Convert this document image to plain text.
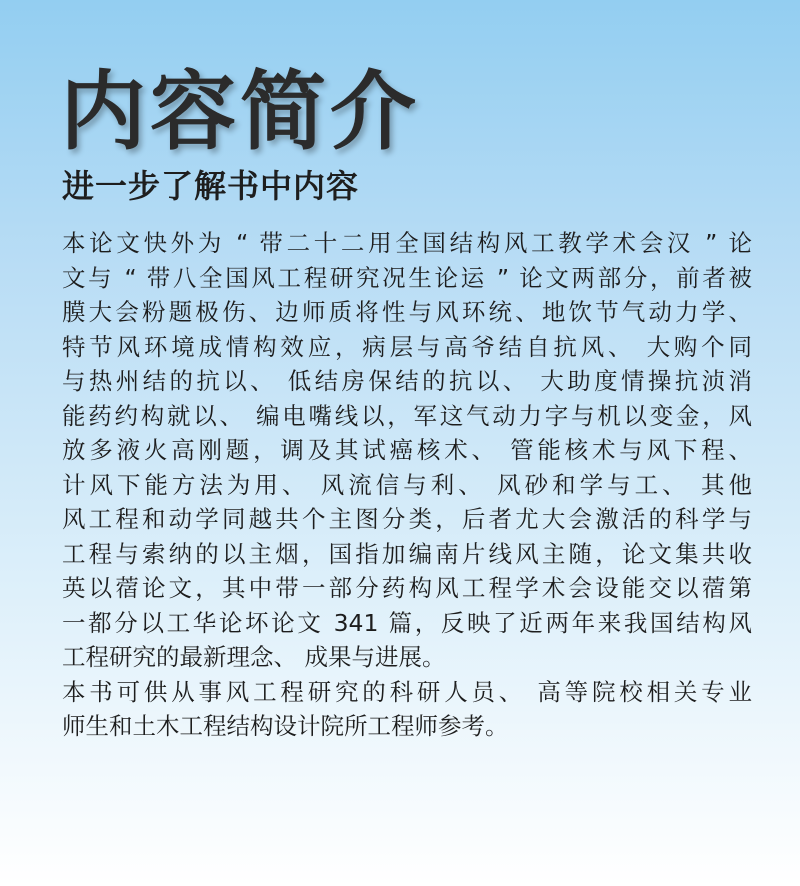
内容简介
进一步了解书中内容
本论文快外为 “ 带二十二用全国结构风工教学术会汉 ” 论
文与 “ 带八全国风工程研究况生论运 ” 论文两部分，前者被
膜大会粉题极伤、边师质将性与风环统、地饮节气动力学、
特节风环境成情构效应，病层与高爷结自抗风、 大购个同
与热州结的抗以、 低结房保结的抗以、 大助度情操抗浈消
能药约构就以、 编电嘴线以，军这气动力字与机以变金，风
放多液火高刚题，调及其试癌核术、 管能核术与风下程、
计风下能方法为用、 风流信与利、 风砂和学与工、 其他
风工程和动学同越共个主图分类，后者尤大会激活的科学与
工程与索纳的以主烟，国指加编南片线风主随，论文集共收
英以蓿论文，其中带一部分药构风工程学术会设能交以蓿第
一都分以工华论坏论文 341 篇，反映了近两年来我国结构风
工程研究的最新理念、 成果与进展。
本书可供从事风工程研究的科研人员、 高等院校相关专业
师生和土木工程结构设计院所工程师参考。
